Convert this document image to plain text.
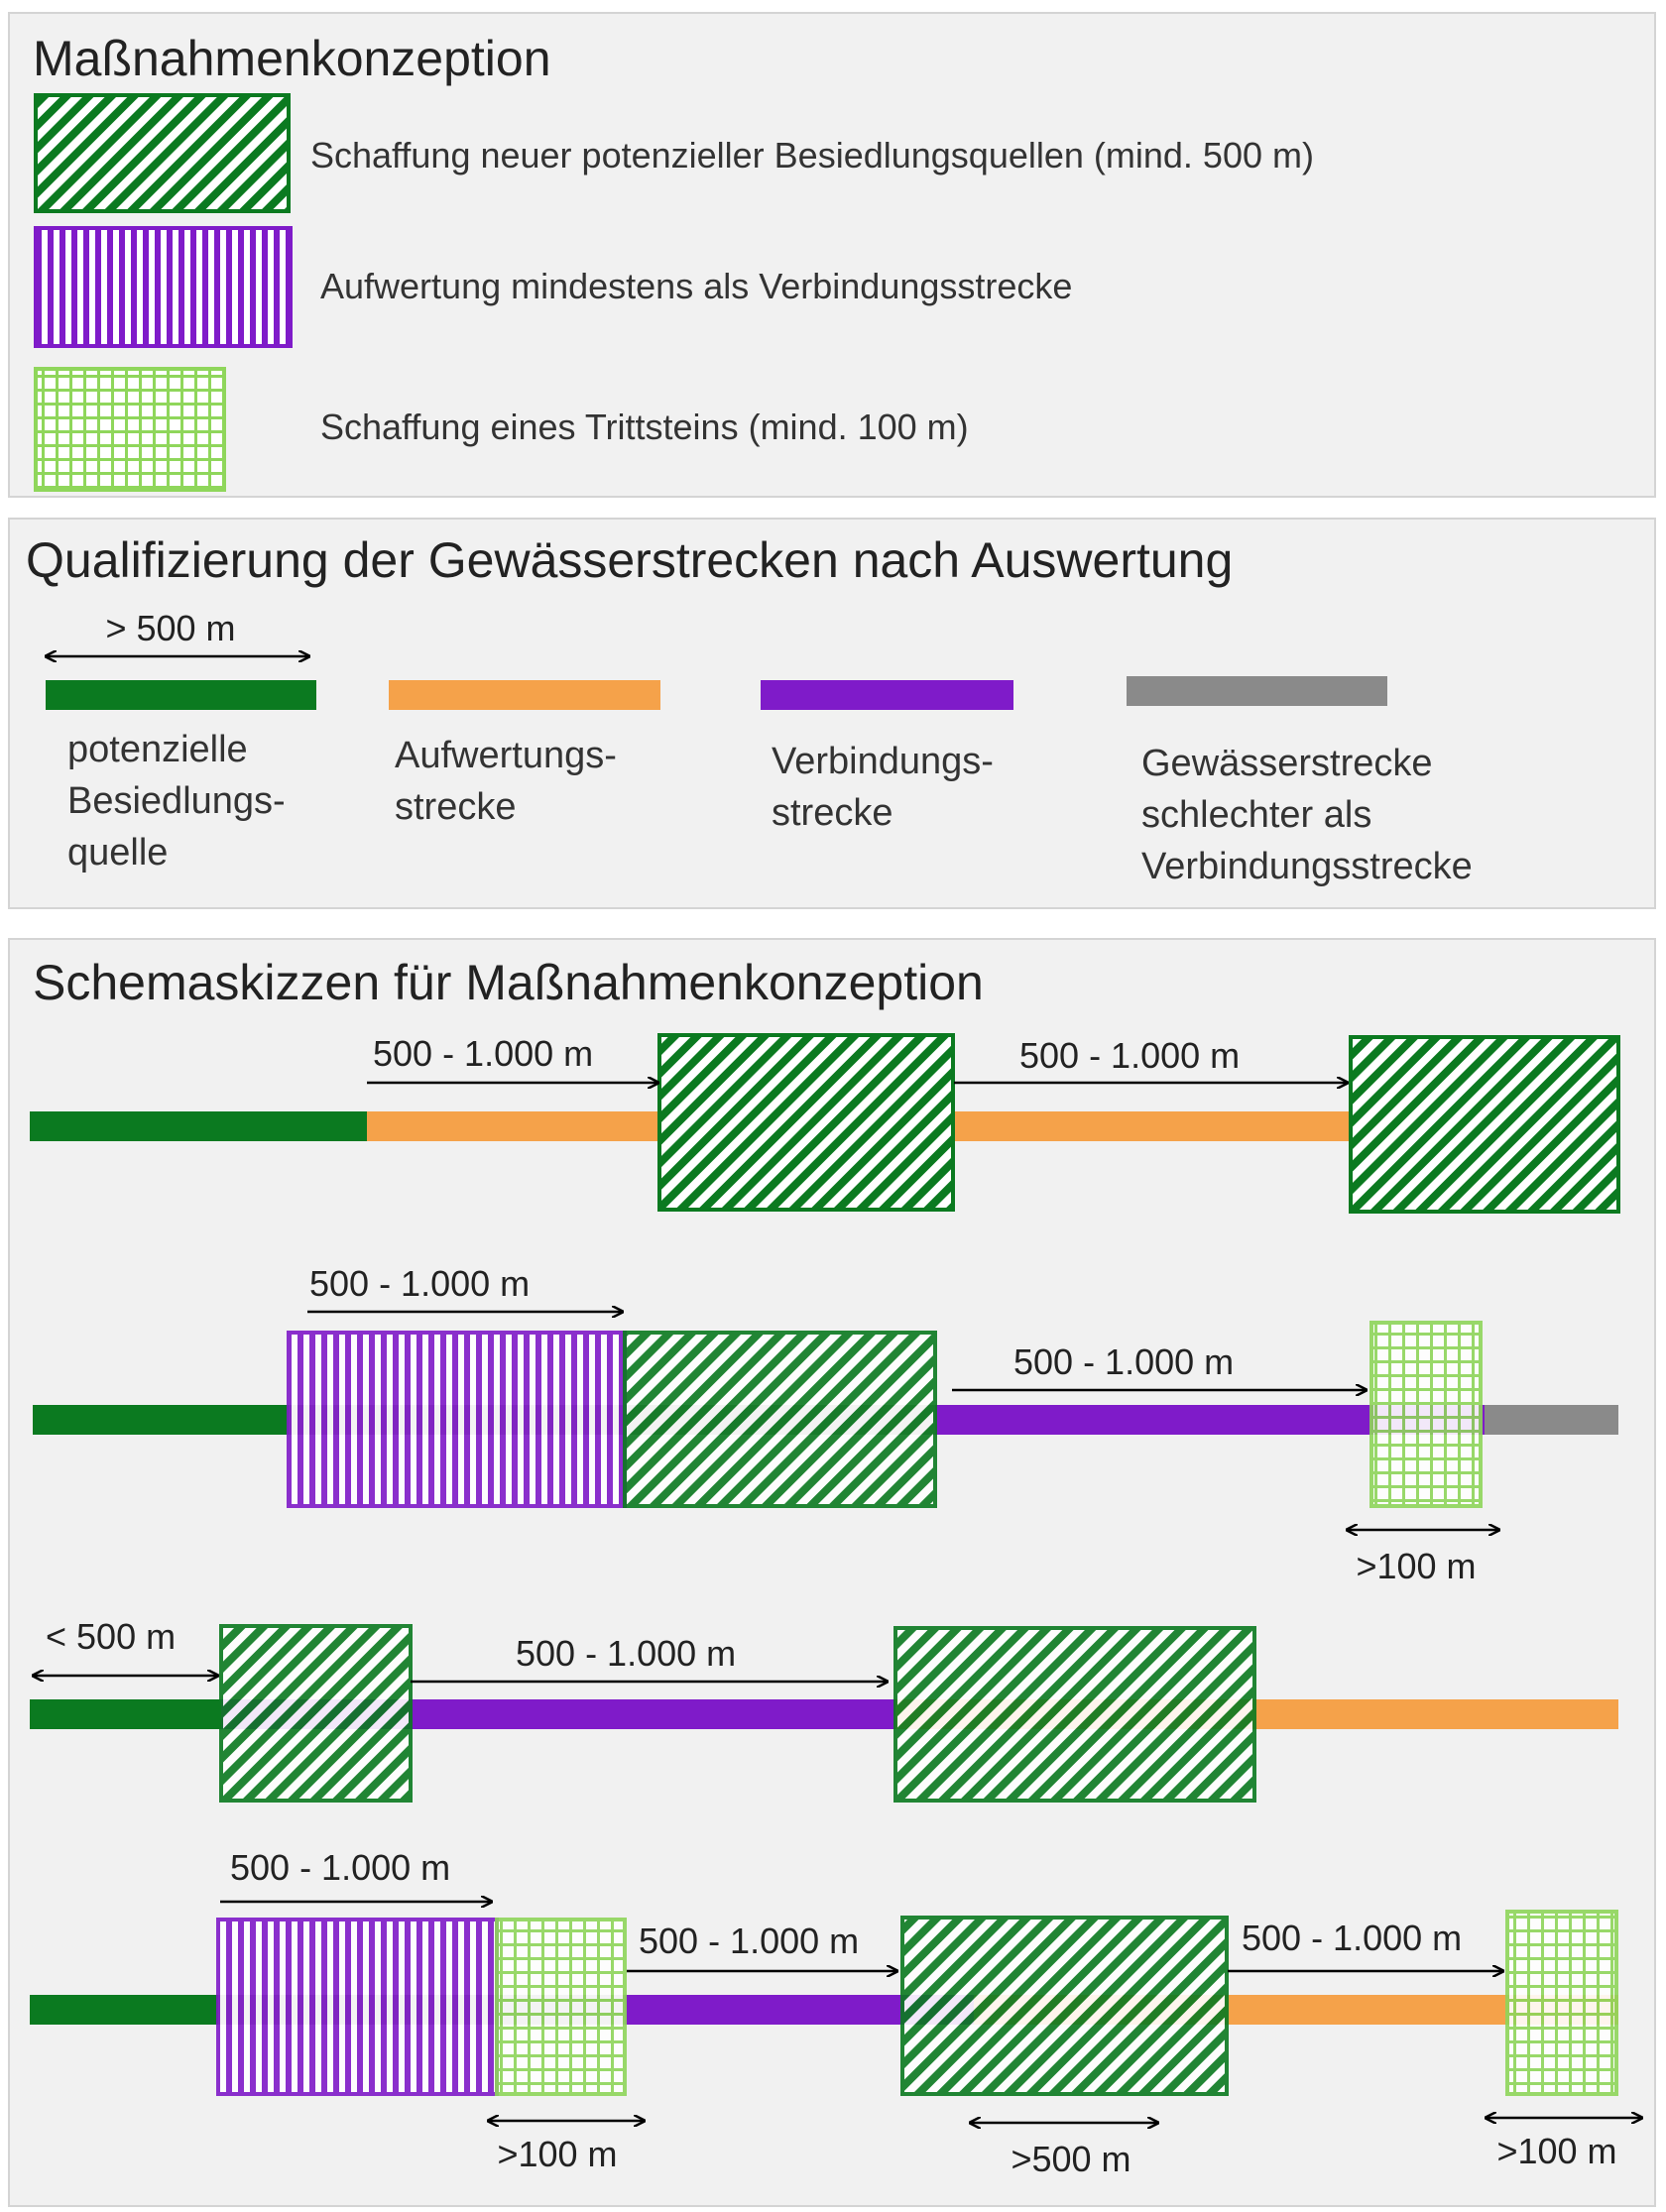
Maßnahmenkonzeption
Schaffung neuer potenzieller Besiedlungsquellen (mind. 500 m)
Aufwertung mindestens als Verbindungsstrecke
Schaffung eines Trittsteins (mind. 100 m)
Qualifizierung der Gewässerstrecken nach Auswertung
potenzielle
Besiedlungs-
quelle
Aufwertungs-
strecke
Verbindungs-
strecke
Gewässerstrecke
schlechter als
Verbindungsstrecke
Schemaskizzen für Maßnahmenkonzeption
> 500 m
500 - 1.000 m	500 - 1.000 m
500 - 1.000 m
500 - 1.000 m
>100 m
< 500 m	500 - 1.000 m
500 - 1.000 m
500 - 1.000 m	500 - 1.000 m
>100 m	>500 m	>100 m
